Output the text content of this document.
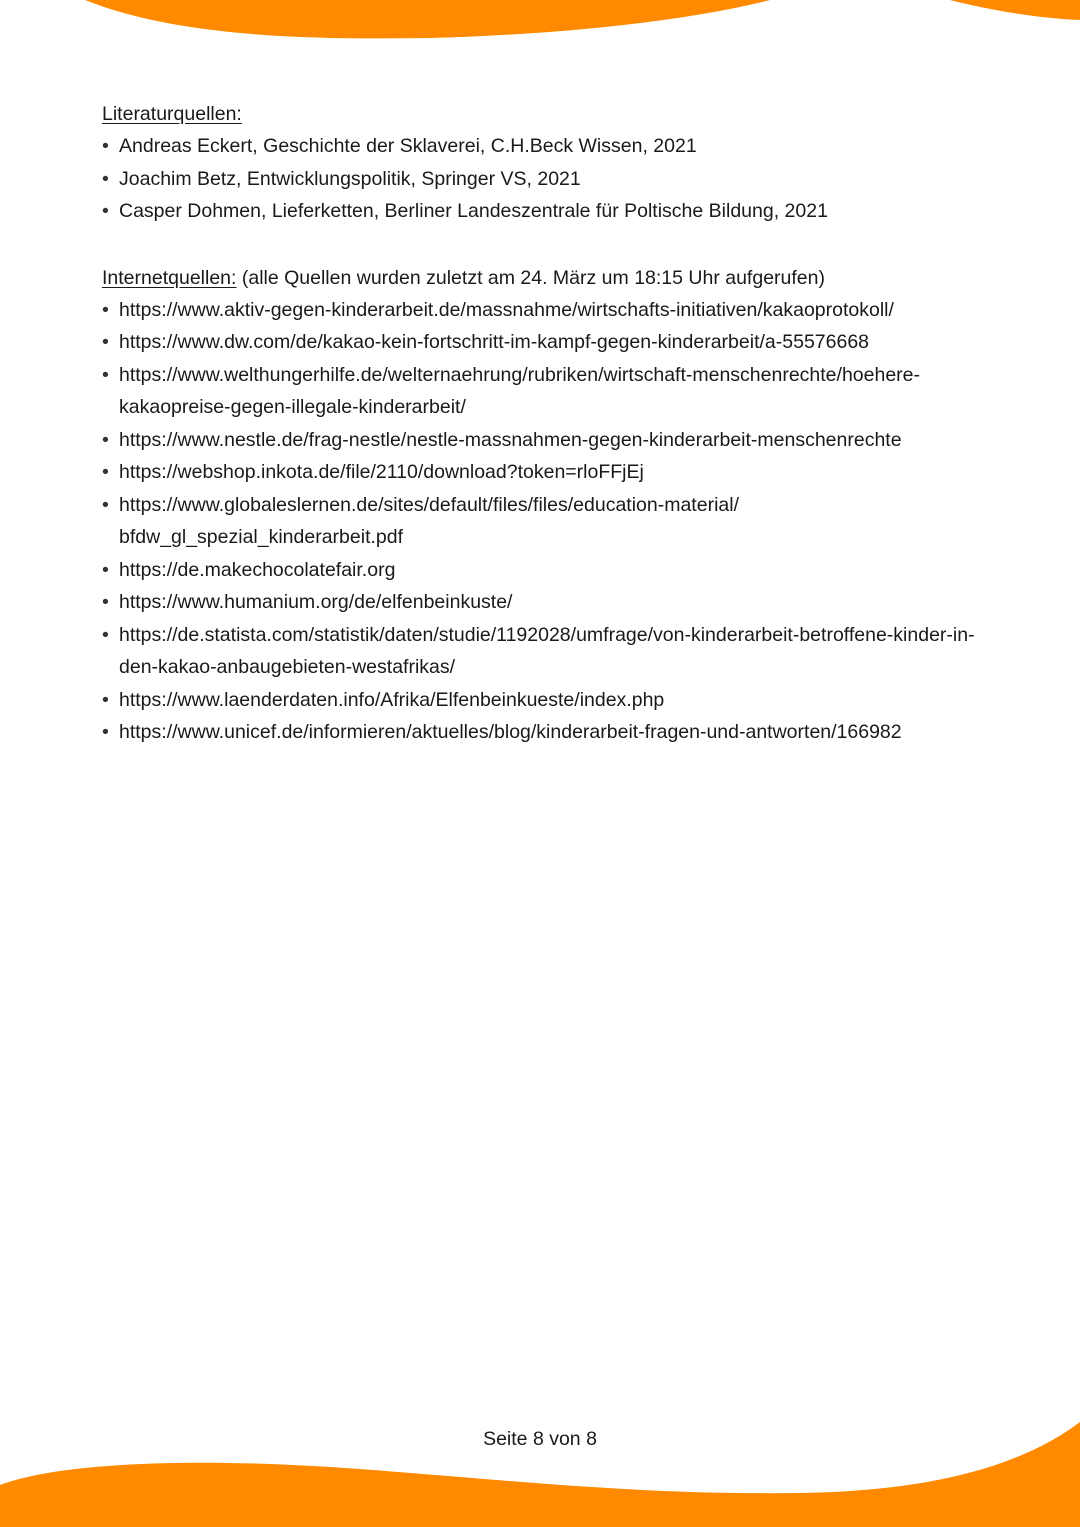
Literaturquellen:
• Andreas Eckert, Geschichte der Sklaverei, C.H.Beck Wissen, 2021
• Joachim Betz, Entwicklungspolitik, Springer VS, 2021
• Casper Dohmen, Lieferketten, Berliner Landeszentrale für Poltische Bildung, 2021
Internetquellen: (alle Quellen wurden zuletzt am 24. März um 18:15 Uhr aufgerufen)
• https://www.aktiv-gegen-kinderarbeit.de/massnahme/wirtschafts-initiativen/kakaoprotokoll/
• https://www.dw.com/de/kakao-kein-fortschritt-im-kampf-gegen-kinderarbeit/a-55576668
• https://www.welthungerhilfe.de/welternaehrung/rubriken/wirtschaft-menschenrechte/hoehere-kakaopreise-gegen-illegale-kinderarbeit/
• https://www.nestle.de/frag-nestle/nestle-massnahmen-gegen-kinderarbeit-menschenrechte
• https://webshop.inkota.de/file/2110/download?token=rloFFjEj
• https://www.globaleslernen.de/sites/default/files/files/education-material/ bfdw_gl_spezial_kinderarbeit.pdf
• https://de.makechocolatefair.org
• https://www.humanium.org/de/elfenbeinkuste/
• https://de.statista.com/statistik/daten/studie/1192028/umfrage/von-kinderarbeit-betroffene-kinder-in-den-kakao-anbaugebieten-westafrikas/
• https://www.laenderdaten.info/Afrika/Elfenbeinkueste/index.php
• https://www.unicef.de/informieren/aktuelles/blog/kinderarbeit-fragen-und-antworten/166982
Seite 8 von 8
